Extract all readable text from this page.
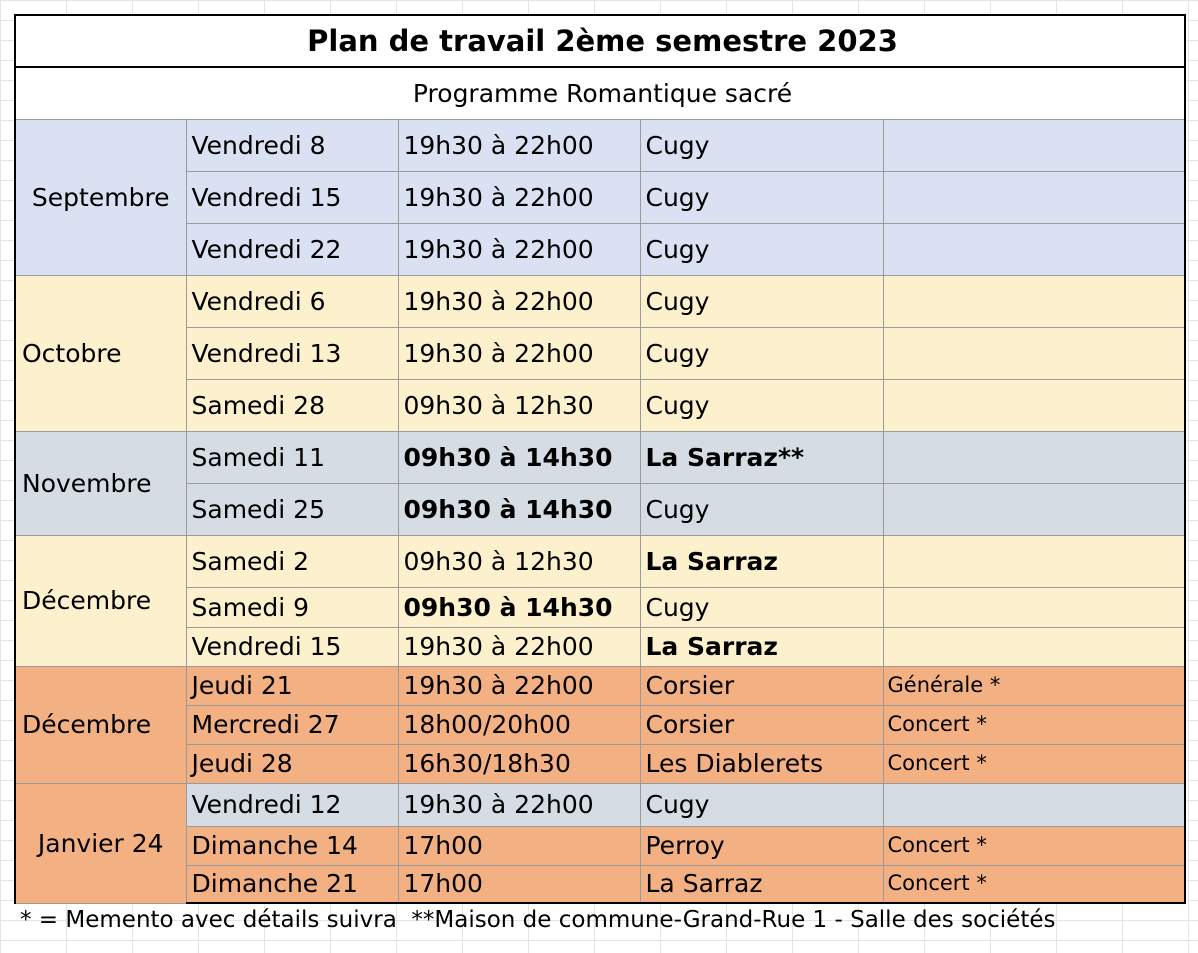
Plan de travail 2ème semestre 2023				
Programme Romantique sacré				
Septembre	Vendredi 8	19h30 à 22h00	Cugy	
	Vendredi 15	19h30 à 22h00	Cugy	
	Vendredi 22	19h30 à 22h00	Cugy	
Octobre	Vendredi 6	19h30 à 22h00	Cugy	
	Vendredi 13	19h30 à 22h00	Cugy	
	Samedi 28	09h30 à 12h30	Cugy	
Novembre	Samedi 11	09h30 à 14h30	La Sarraz**	
	Samedi 25	09h30 à 14h30	Cugy	
Décembre	Samedi 2	09h30 à 12h30	La Sarraz	
	Samedi 9	09h30 à 14h30	Cugy	
	Vendredi 15	19h30 à 22h00	La Sarraz	
Décembre	Jeudi 21	19h30 à 22h00	Corsier	Générale *
	Mercredi 27	18h00/20h00	Corsier	Concert *
	Jeudi 28	16h30/18h30	Les Diablerets	Concert *
Janvier 24	Vendredi 12	19h30 à 22h00	Cugy	
	Dimanche 14	17h00	Perroy	Concert *
	Dimanche 21	17h00	La Sarraz	Concert *
* = Memento avec détails suivra  **Maison de commune-Grand-Rue 1 - Salle des sociétés
